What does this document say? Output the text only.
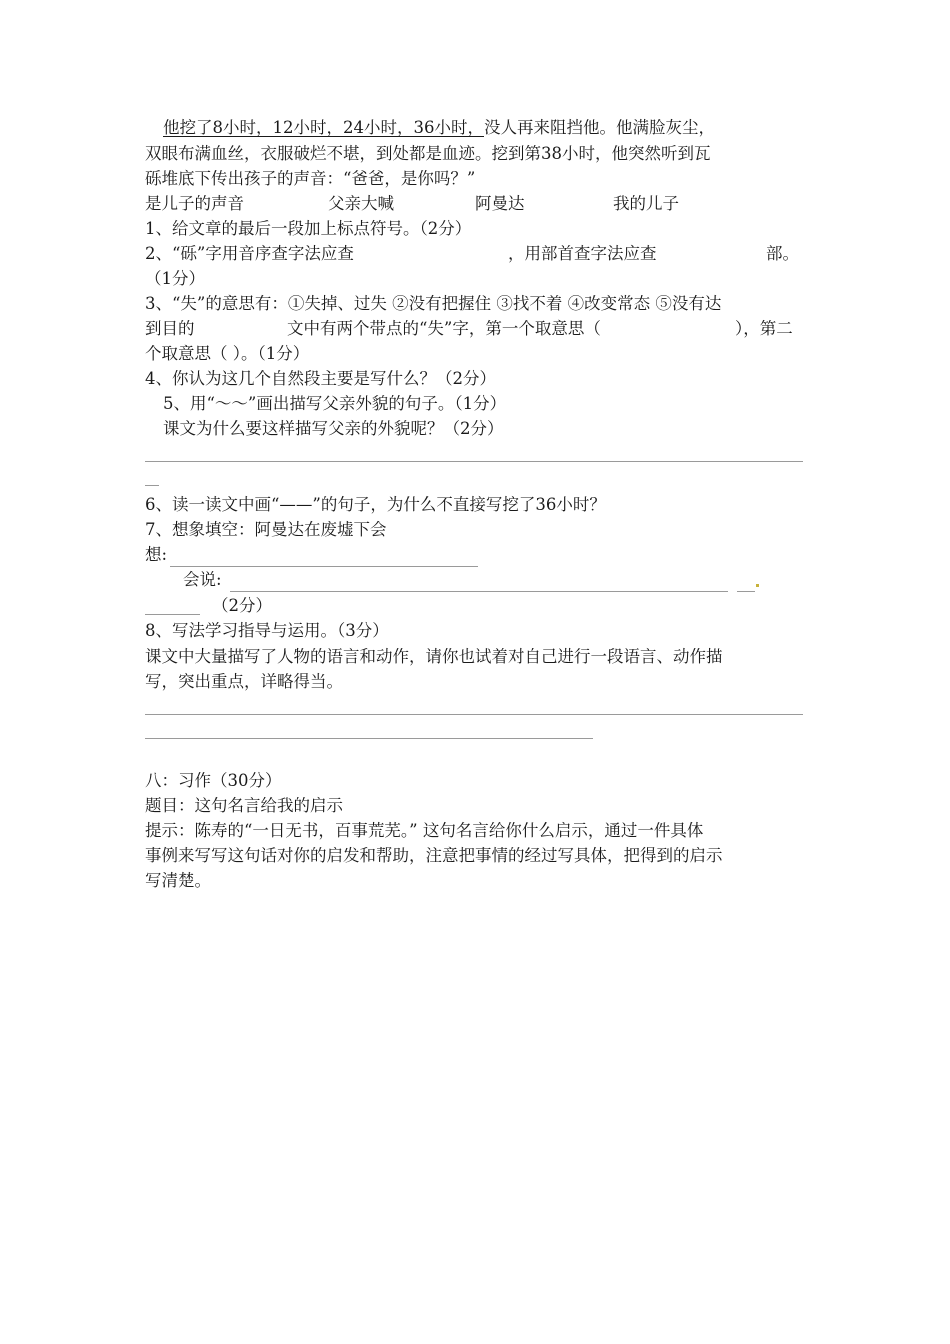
他挖了8小时，12小时，24小时，36小时，没人再来阻挡他。他满脸灰尘，
双眼布满血丝，衣服破烂不堪，到处都是血迹。挖到第38小时，他突然听到瓦
砾堆底下传出孩子的声音：“爸爸，是你吗？”
是儿子的声音	父亲大喊	阿曼达	我的儿子
1、给文章的最后一段加上标点符号。（2分）
2、“砾”字用音序查字法应查	，用部首查字法应查	部。
（1分）
3、“失”的意思有：①失掉、过失 ②没有把握住 ③找不着 ④改变常态 ⑤没有达
到目的	文中有两个带点的“失”字，第一个取意思（	），第二
个取意思（ ）。（1分）
4、你认为这几个自然段主要是写什么？（2分）
5、用“～～”画出描写父亲外貌的句子。（1分）
课文为什么要这样描写父亲的外貌呢？（2分）
6、读一读文中画“——”的句子，为什么不直接写挖了36小时？
7、想象填空：阿曼达在废墟下会
想:
会说:
（2分）
8、写法学习指导与运用。（3分）
课文中大量描写了人物的语言和动作，请你也试着对自己进行一段语言、动作描
写，突出重点，详略得当。
八：习作（30分）
题目：这句名言给我的启示
提示：陈寿的“一日无书，百事荒芜。” 这句名言给你什么启示，通过一件具体
事例来写写这句话对你的启发和帮助，注意把事情的经过写具体，把得到的启示
写清楚。
